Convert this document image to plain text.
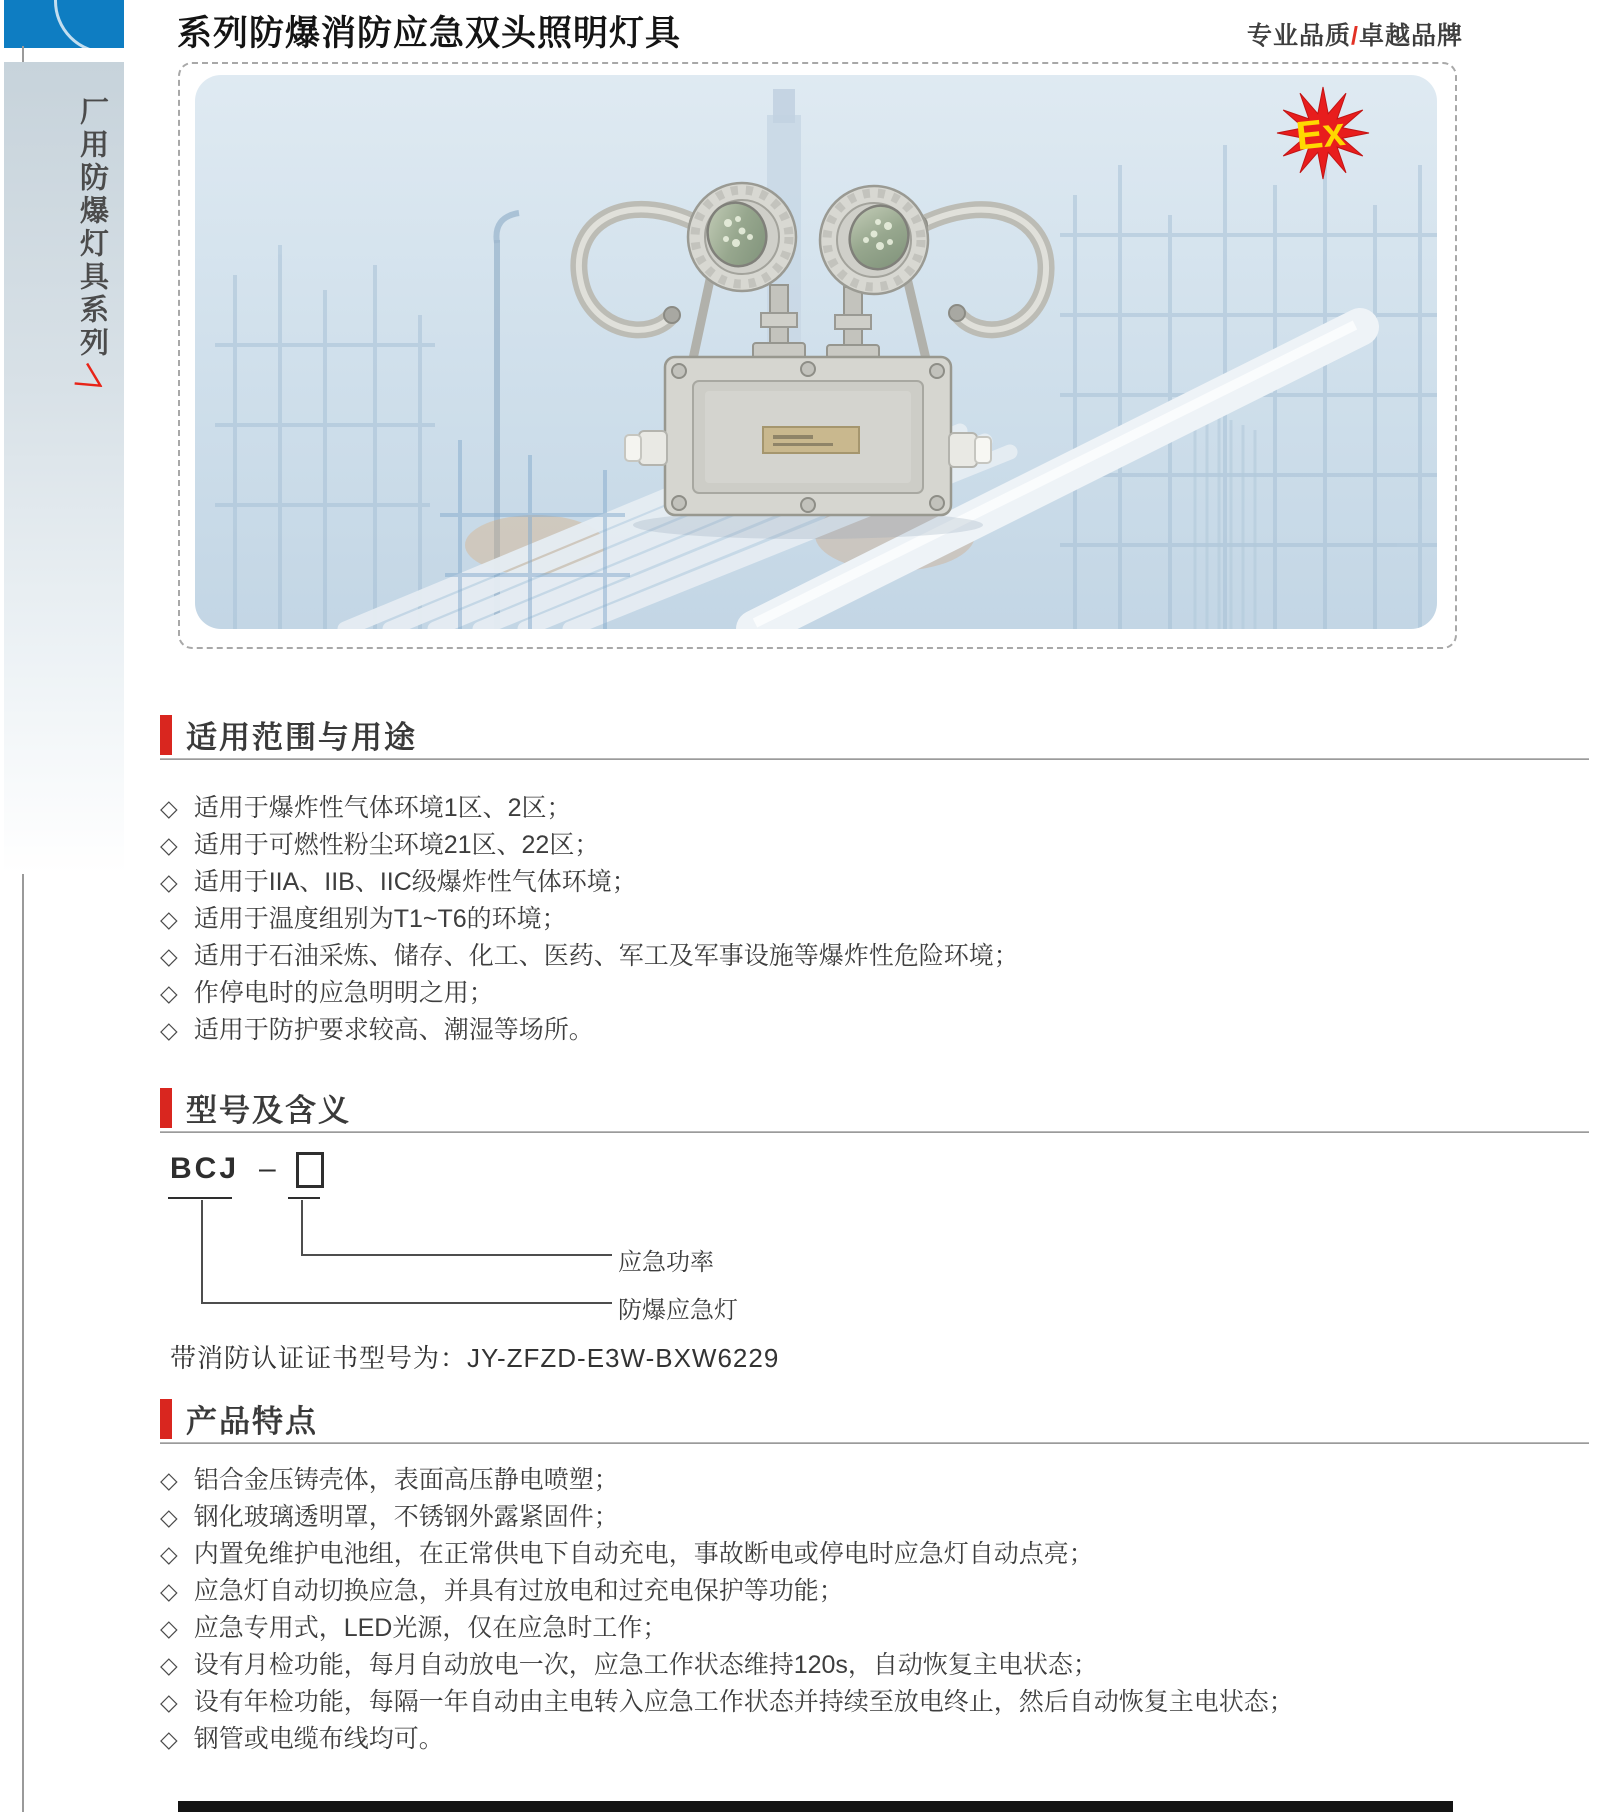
厂用防爆灯具系列
＞
系列防爆消防应急双头照明灯具	专业品质/卓越品牌
Ex
适用范围与用途
◇ 适用于爆炸性气体环境1区、2区；
◇ 适用于可燃性粉尘环境21区、22区；
◇ 适用于IIA、IIB、IIC级爆炸性气体环境；
◇ 适用于温度组别为T1~T6的环境；
◇ 适用于石油采炼、储存、化工、医药、军工及军事设施等爆炸性危险环境；
◇ 作停电时的应急明明之用；
◇ 适用于防护要求较高、潮湿等场所。
型号及含义
BCJ –
应急功率
防爆应急灯
带消防认证证书型号为：JY-ZFZD-E3W-BXW6229
产品特点
◇ 铝合金压铸壳体，表面高压静电喷塑；
◇ 钢化玻璃透明罩，不锈钢外露紧固件；
◇ 内置免维护电池组，在正常供电下自动充电，事故断电或停电时应急灯自动点亮；
◇ 应急灯自动切换应急，并具有过放电和过充电保护等功能；
◇ 应急专用式，LED光源，仅在应急时工作；
◇ 设有月检功能，每月自动放电一次，应急工作状态维持120s，自动恢复主电状态；
◇ 设有年检功能，每隔一年自动由主电转入应急工作状态并持续至放电终止，然后自动恢复主电状态；
◇ 钢管或电缆布线均可。
